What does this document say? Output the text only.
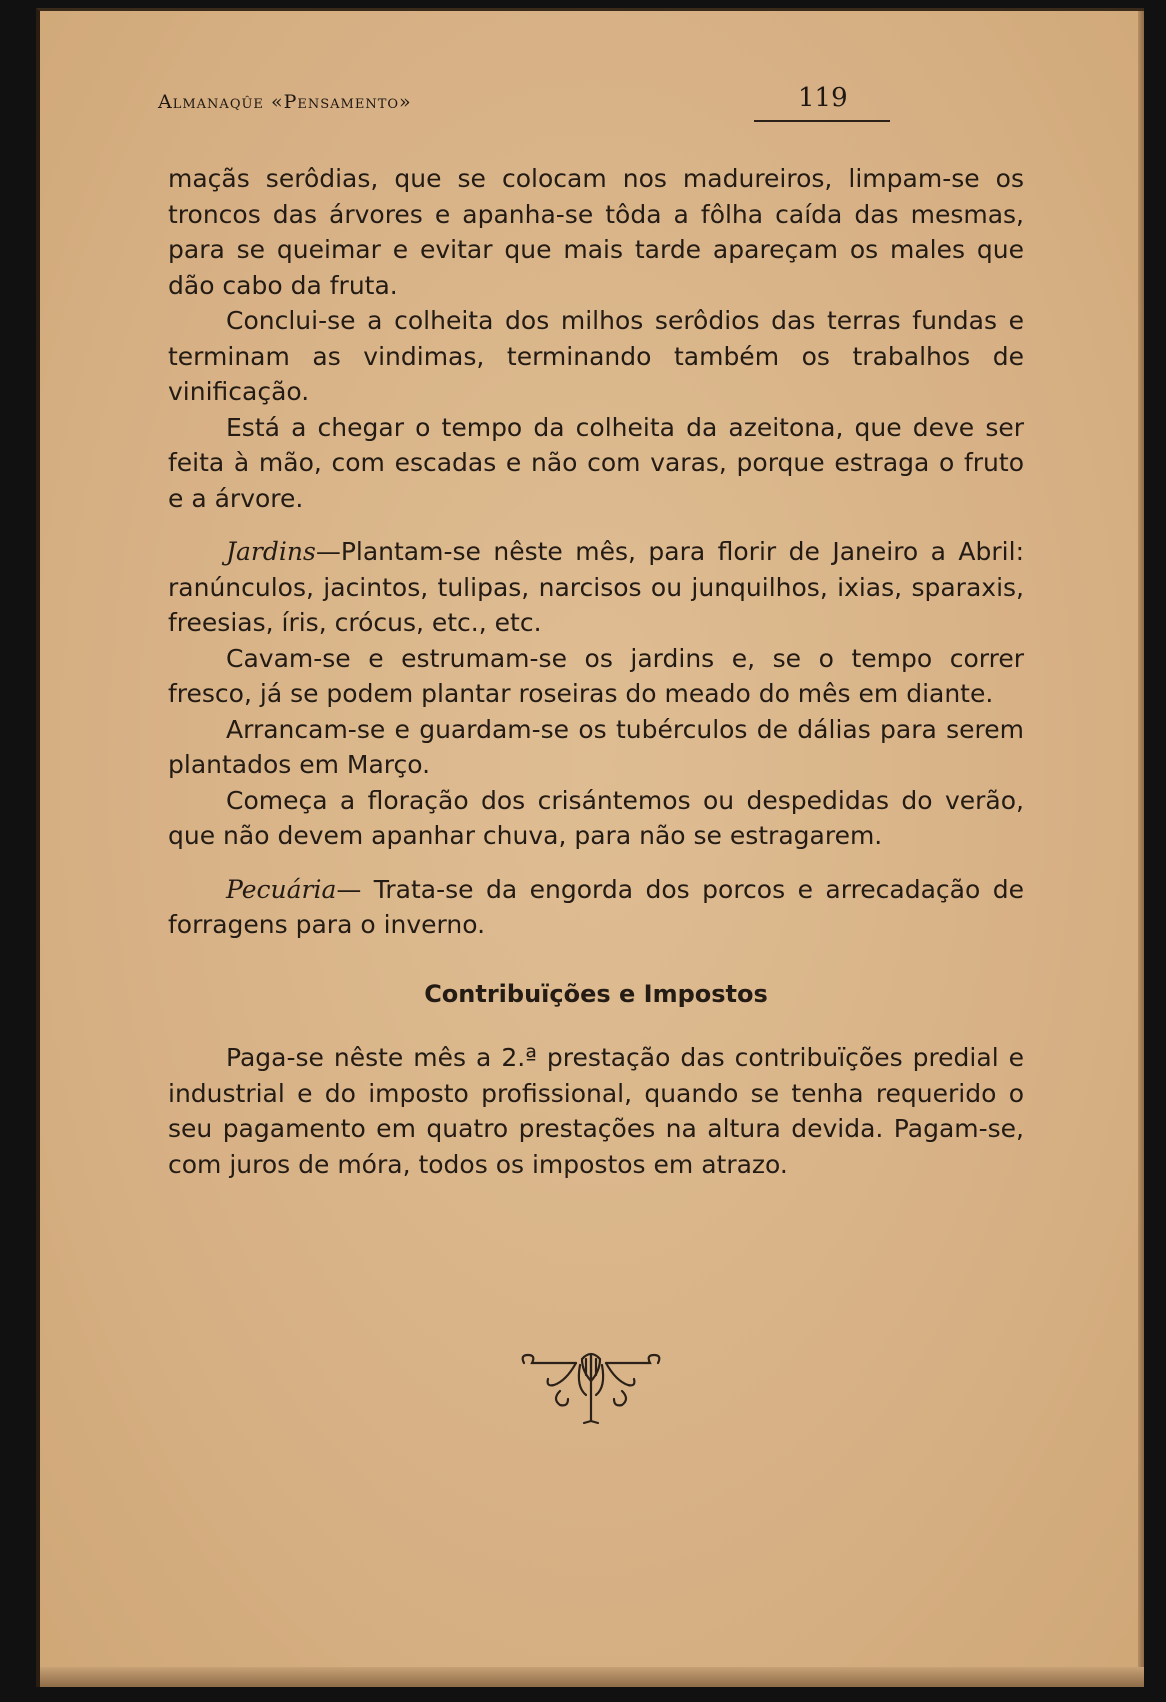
Almanaqûe «Pensamento»	119

maçãs serôdias, que se colocam nos madureiros, limpam-se os troncos das árvores e apanha-se tôda a fôlha caída das mesmas, para se queimar e evitar que mais tarde apareçam os males que dão cabo da fruta.

Conclui-se a colheita dos milhos serôdios das terras fundas e terminam as vindimas, terminando também os trabalhos de vinificação.

Está a chegar o tempo da colheita da azeitona, que deve ser feita à mão, com escadas e não com varas, porque estraga o fruto e a árvore.

Jardins—Plantam-se nêste mês, para florir de Janeiro a Abril: ranúnculos, jacintos, tulipas, narcisos ou junquilhos, ixias, sparaxis, freesias, íris, crócus, etc., etc.

Cavam-se e estrumam-se os jardins e, se o tempo correr fresco, já se podem plantar roseiras do meado do mês em diante.

Arrancam-se e guardam-se os tubérculos de dálias para serem plantados em Março.

Começa a floração dos crisántemos ou despedidas do verão, que não devem apanhar chuva, para não se estragarem.

Pecuária— Trata-se da engorda dos porcos e arrecadação de forragens para o inverno.

Contribuïções e Impostos

Paga-se nêste mês a 2.ª prestação das contribuïções predial e industrial e do imposto profissional, quando se tenha requerido o seu pagamento em quatro prestações na altura devida. Pagam-se, com juros de móra, todos os impostos em atrazo.
